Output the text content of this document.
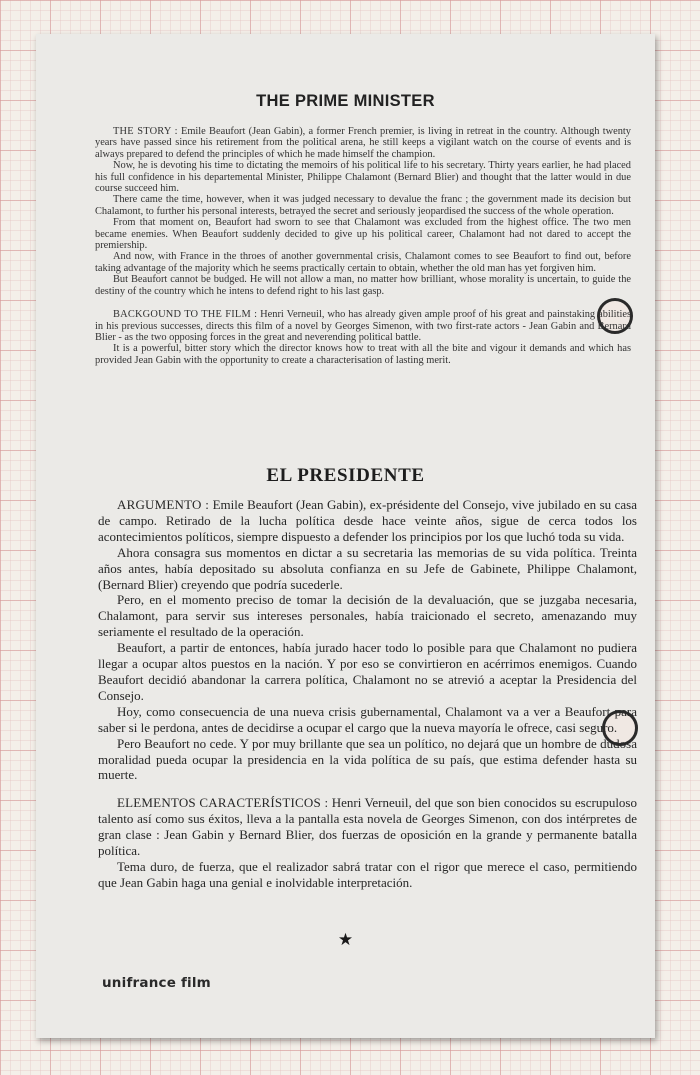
THE PRIME MINISTER

THE STORY : Emile Beaufort (Jean Gabin), a former French premier, is living in retreat in the country. Although twenty years have passed since his retirement from the political arena, he still keeps a vigilant watch on the course of events and is always prepared to defend the principles of which he made himself the champion.

Now, he is devoting his time to dictating the memoirs of his political life to his secretary. Thirty years earlier, he had placed his full confidence in his departemental Minister, Philippe Chalamont (Bernard Blier) and thought that the latter would in due course succeed him.

There came the time, however, when it was judged necessary to devalue the franc ; the government made its decision but Chalamont, to further his personal interests, betrayed the secret and seriously jeopardised the success of the whole operation.

From that moment on, Beaufort had sworn to see that Chalamont was excluded from the highest office. The two men became enemies. When Beaufort suddenly decided to give up his political career, Chalamont had not dared to accept the premiership.

And now, with France in the throes of another governmental crisis, Chalamont comes to see Beaufort to find out, before taking advantage of the majority which he seems practically certain to obtain, whether the old man has yet forgiven him.

But Beaufort cannot be budged. He will not allow a man, no matter how brilliant, whose morality is uncertain, to guide the destiny of the country which he intens to defend right to his last gasp.

BACKGOUND TO THE FILM : Henri Verneuil, who has already given ample proof of his great and painstaking abilities in his previous successes, directs this film of a novel by Georges Simenon, with two first-rate actors - Jean Gabin and Bernard Blier - as the two opposing forces in the great and neverending political battle.

It is a powerful, bitter story which the director knows how to treat with all the bite and vigour it demands and which has provided Jean Gabin with the opportunity to create a characterisation of lasting merit.

EL PRESIDENTE

ARGUMENTO : Emile Beaufort (Jean Gabin), ex-présidente del Consejo, vive jubilado en su casa de campo. Retirado de la lucha política desde hace veinte años, sigue de cerca todos los acontecimientos políticos, siempre dispuesto a defender los principios por los que luchó toda su vida.

Ahora consagra sus momentos en dictar a su secretaria las memorias de su vida política. Treinta años antes, había depositado su absoluta confianza en su Jefe de Gabinete, Philippe Chalamont, (Bernard Blier) creyendo que podría sucederle.

Pero, en el momento preciso de tomar la decisión de la devaluación, que se juzgaba necesaria, Chalamont, para servir sus intereses personales, había traicionado el secreto, amenazando muy seriamente el resultado de la operación.

Beaufort, a partir de entonces, había jurado hacer todo lo posible para que Chalamont no pudiera llegar a ocupar altos puestos en la nación. Y por eso se convirtieron en acérrimos enemigos. Cuando Beaufort decidió abandonar la carrera política, Chalamont no se atrevió a aceptar la Presidencia del Consejo.

Hoy, como consecuencia de una nueva crisis gubernamental, Chalamont va a ver a Beaufort para saber si le perdona, antes de decidirse a ocupar el cargo que la nueva mayoría le ofrece, casi seguro.

Pero Beaufort no cede. Y por muy brillante que sea un político, no dejará que un hombre de dudosa moralidad pueda ocupar la presidencia en la vida política de su país, que estima defender hasta su muerte.

ELEMENTOS CARACTERÍSTICOS : Henri Verneuil, del que son bien conocidos su escrupuloso talento así como sus éxitos, lleva a la pantalla esta novela de Georges Simenon, con dos intérpretes de gran clase : Jean Gabin y Bernard Blier, dos fuerzas de oposición en la grande y permanente batalla política.

Tema duro, de fuerza, que el realizador sabrá tratar con el rigor que merece el caso, permitiendo que Jean Gabin haga una genial e inolvidable interpretación.

★
unifrance film
